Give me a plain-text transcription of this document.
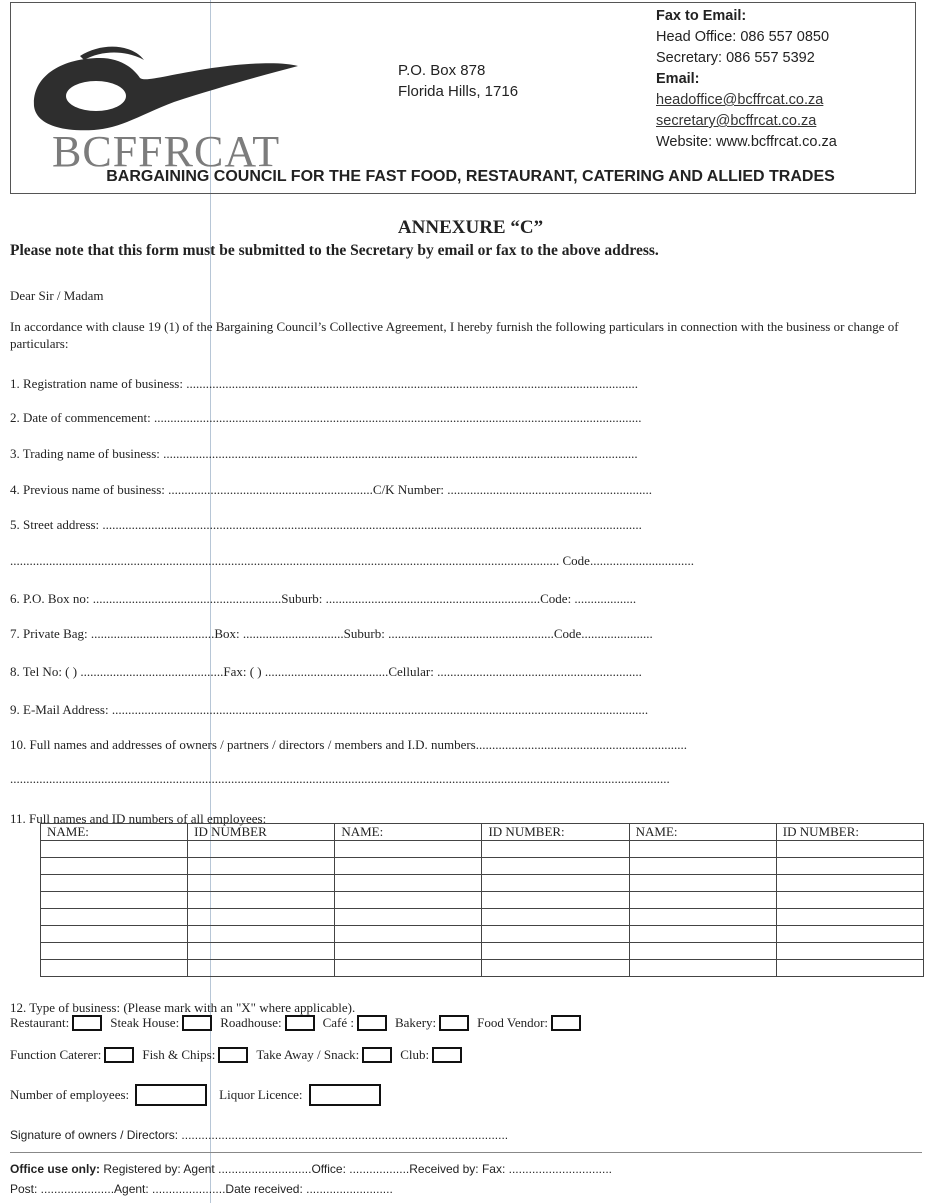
BCFFRCAT
P.O. Box 878
Florida Hills, 1716
Fax to Email:
Head Office: 086 557 0850
Secretary: 086 557 5392
Email:
headoffice@bcffrcat.co.za
secretary@bcffrcat.co.za
Website: www.bcffrcat.co.za
BARGAINING COUNCIL FOR THE FAST FOOD, RESTAURANT, CATERING AND ALLIED TRADES
ANNEXURE “C”
Please note that this form must be submitted to the Secretary by email or fax to the above address.
Dear Sir / Madam
In accordance with clause 19 (1) of the Bargaining Council’s Collective Agreement, I hereby furnish the following particulars in connection with the business or change of particulars:
1. Registration name of business: ...........................................................................................................................................
2. Date of commencement: ......................................................................................................................................................
3. Trading name of business: ..................................................................................................................................................
4. Previous name of business: ...............................................................C/K Number: ...............................................................
5. Street address: ......................................................................................................................................................................
......................................................................................................................................................................... Code................................
6. P.O. Box no: ..........................................................Suburb: ..................................................................Code: ...................
7. Private Bag: ......................................Box: ...............................Suburb: ...................................................Code......................
8. Tel No: ( ) ............................................Fax: ( ) ......................................Cellular: ...............................................................
9. E-Mail Address: .....................................................................................................................................................................
10. Full names and addresses of owners / partners / directors / members and I.D. numbers.................................................................
...........................................................................................................................................................................................................
11. Full names and ID numbers of all employees:
NAME:	ID NUMBER	NAME:	ID NUMBER:	NAME:	ID NUMBER:

12. Type of business: (Please mark with an "X" where applicable).
Restaurant:	Steak House:	Roadhouse:	Café :	Bakery:	Food Vendor:
Function Caterer:	Fish & Chips:	Take Away / Snack:	Club:
Number of employees:	Liquor Licence:
Signature of owners / Directors: ..................................................................................................
Office use only: Registered by: Agent ............................Office: ..................Received by: Fax: ...............................
Post: ......................Agent: ......................Date received: ..........................
